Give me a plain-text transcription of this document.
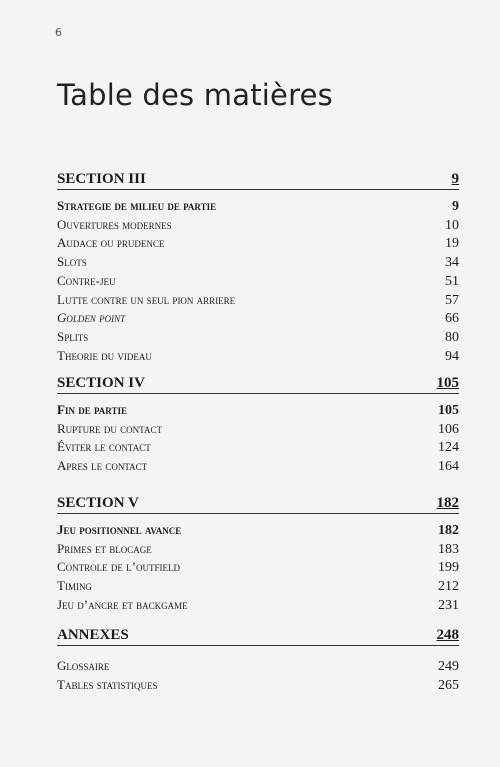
6
Table des matières
SECTION III	9
Strategie de milieu de partie	9
Ouvertures modernes	10
Audace ou prudence	19
Slots	34
Contre-jeu	51
Lutte contre un seul pion arriere	57
Golden point	66
Splits	80
Theorie du videau	94
SECTION IV	105
Fin de partie	105
Rupture du contact	106
Éviter le contact	124
Apres le contact	164
SECTION V	182
Jeu positionnel avance	182
Primes et blocage	183
Controle de l’outfield	199
Timing	212
Jeu d’ancre et backgame	231
ANNEXES	248
Glossaire	249
Tables statistiques	265
